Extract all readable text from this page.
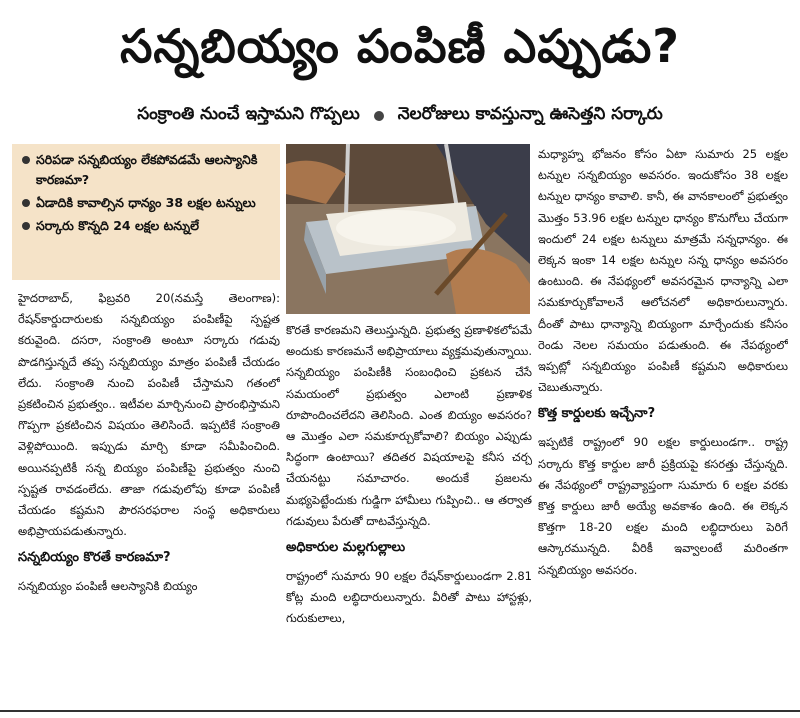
సన్నబియ్యం పంపిణీ ఎప్పుడు?
సంక్రాంతి నుంచే ఇస్తామని గొప్పలు నెలరోజులు కావస్తున్నా ఊసెత్తని సర్కారు
సరిపడా సన్నబియ్యం లేకపోవడమే ఆలస్యానికి కారణమా?
ఏడాదికి కావాల్సిన ధాన్యం 38 లక్షల టన్నులు
సర్కారు కొన్నది 24 లక్షల టన్నులే

హైదరాబాద్, ఫిబ్రవరి 20(నమస్తే తెలంగాణ): రేషన్‌కార్డుదారులకు సన్నబియ్యం పంపిణీపై స్పష్టత కరువైంది. దసరా, సంక్రాంతి అంటూ సర్కారు గడువు పొడగిస్తున్నదే తప్ప సన్నబియ్యం మాత్రం పంపిణీ చేయడం లేదు. సంక్రాంతి నుంచి పంపిణీ చేస్తామని గతంలో ప్రకటించిన ప్రభుత్వం.. ఇటీవల మార్చినుంచి ప్రారంభిస్తామని గొప్పగా ప్రకటించిన విషయం తెలిసిందే. ఇప్పటికే సంక్రాంతి వెళ్లిపోయింది. ఇప్పుడు మార్చి కూడా సమీపించింది. అయినప్పటికీ సన్న బియ్యం పంపిణీపై ప్రభుత్వం నుంచి స్పష్టత రావడంలేదు. తాజా గడువులోపు కూడా పంపిణీ చేయడం కష్టమని పౌరసరఫరాల సంస్థ అధికారులు అభిప్రాయపడుతున్నారు.

సన్నబియ్యం కొరతే కారణమా?

సన్నబియ్యం పంపిణీ ఆలస్యానికి బియ్యం

కొరతే కారణమని తెలుస్తున్నది. ప్రభుత్వ ప్రణాళికలోపమే అందుకు కారణమనే అభిప్రాయాలు వ్యక్తమవుతున్నాయి. సన్నబియ్యం పంపిణీకి సంబంధించి ప్రకటన చేసే సమయంలో ప్రభుత్వం ఎలాంటి ప్రణాళిక రూపొందించలేదని తెలిసింది. ఎంత బియ్యం అవసరం? ఆ మొత్తం ఎలా సమకూర్చుకోవాలి? బియ్యం ఎప్పుడు సిద్ధంగా ఉంటాయి? తదితర విషయాలపై కనీస చర్చ చేయనట్టు సమాచారం. అందుకే ప్రజలను మభ్యపెట్టేందుకు గుడ్డిగా హామీలు గుప్పించి.. ఆ తర్వాత గడువులు పేరుతో దాటవేస్తున్నది.

అధికారుల మల్లగుల్లాలు

రాష్ట్రంలో సుమారు 90 లక్షల రేషన్‌కార్డులుండగా 2.81 కోట్ల మంది లబ్ధిదారులున్నారు. వీరితో పాటు హాస్టళ్లు, గురుకులాలు,

మధ్యాహ్న భోజనం కోసం ఏటా సుమారు 25 లక్షల టన్నుల సన్నబియ్యం అవసరం. ఇందుకోసం 38 లక్షల టన్నుల ధాన్యం కావాలి. కానీ, ఈ వానకాలంలో ప్రభుత్వం మొత్తం 53.96 లక్షల టన్నుల ధాన్యం కొనుగోలు చేయగా ఇందులో 24 లక్షల టన్నులు మాత్రమే సన్నధాన్యం. ఈ లెక్కన ఇంకా 14 లక్షల టన్నుల సన్న ధాన్యం అవసరం ఉంటుంది. ఈ నేపథ్యంలో అవసరమైన ధాన్యాన్ని ఎలా సమకూర్చుకోవాలనే ఆలోచనలో అధికారులున్నారు. దీంతో పాటు ధాన్యాన్ని బియ్యంగా మార్చేందుకు కనీసం రెండు నెలల సమయం పడుతుంది. ఈ నేపథ్యంలో ఇప్పట్లో సన్నబియ్యం పంపిణీ కష్టమని అధికారులు చెబుతున్నారు.

కొత్త కార్డులకు ఇచ్చేనా?

ఇప్పటికే రాష్ట్రంలో 90 లక్షల కార్డులుండగా.. రాష్ట్ర సర్కారు కొత్త కార్డుల జారీ ప్రక్రియపై కసరత్తు చేస్తున్నది. ఈ నేపథ్యంలో రాష్ట్రవ్యాప్తంగా సుమారు 6 లక్షల వరకు కొత్త కార్డులు జారీ అయ్యే అవకాశం ఉంది. ఈ లెక్కన కొత్తగా 18-20 లక్షల మంది లబ్ధిదారులు పెరిగే ఆస్కారమున్నది. వీరికీ ఇవ్వాలంటే మరింతగా సన్నబియ్యం అవసరం.
